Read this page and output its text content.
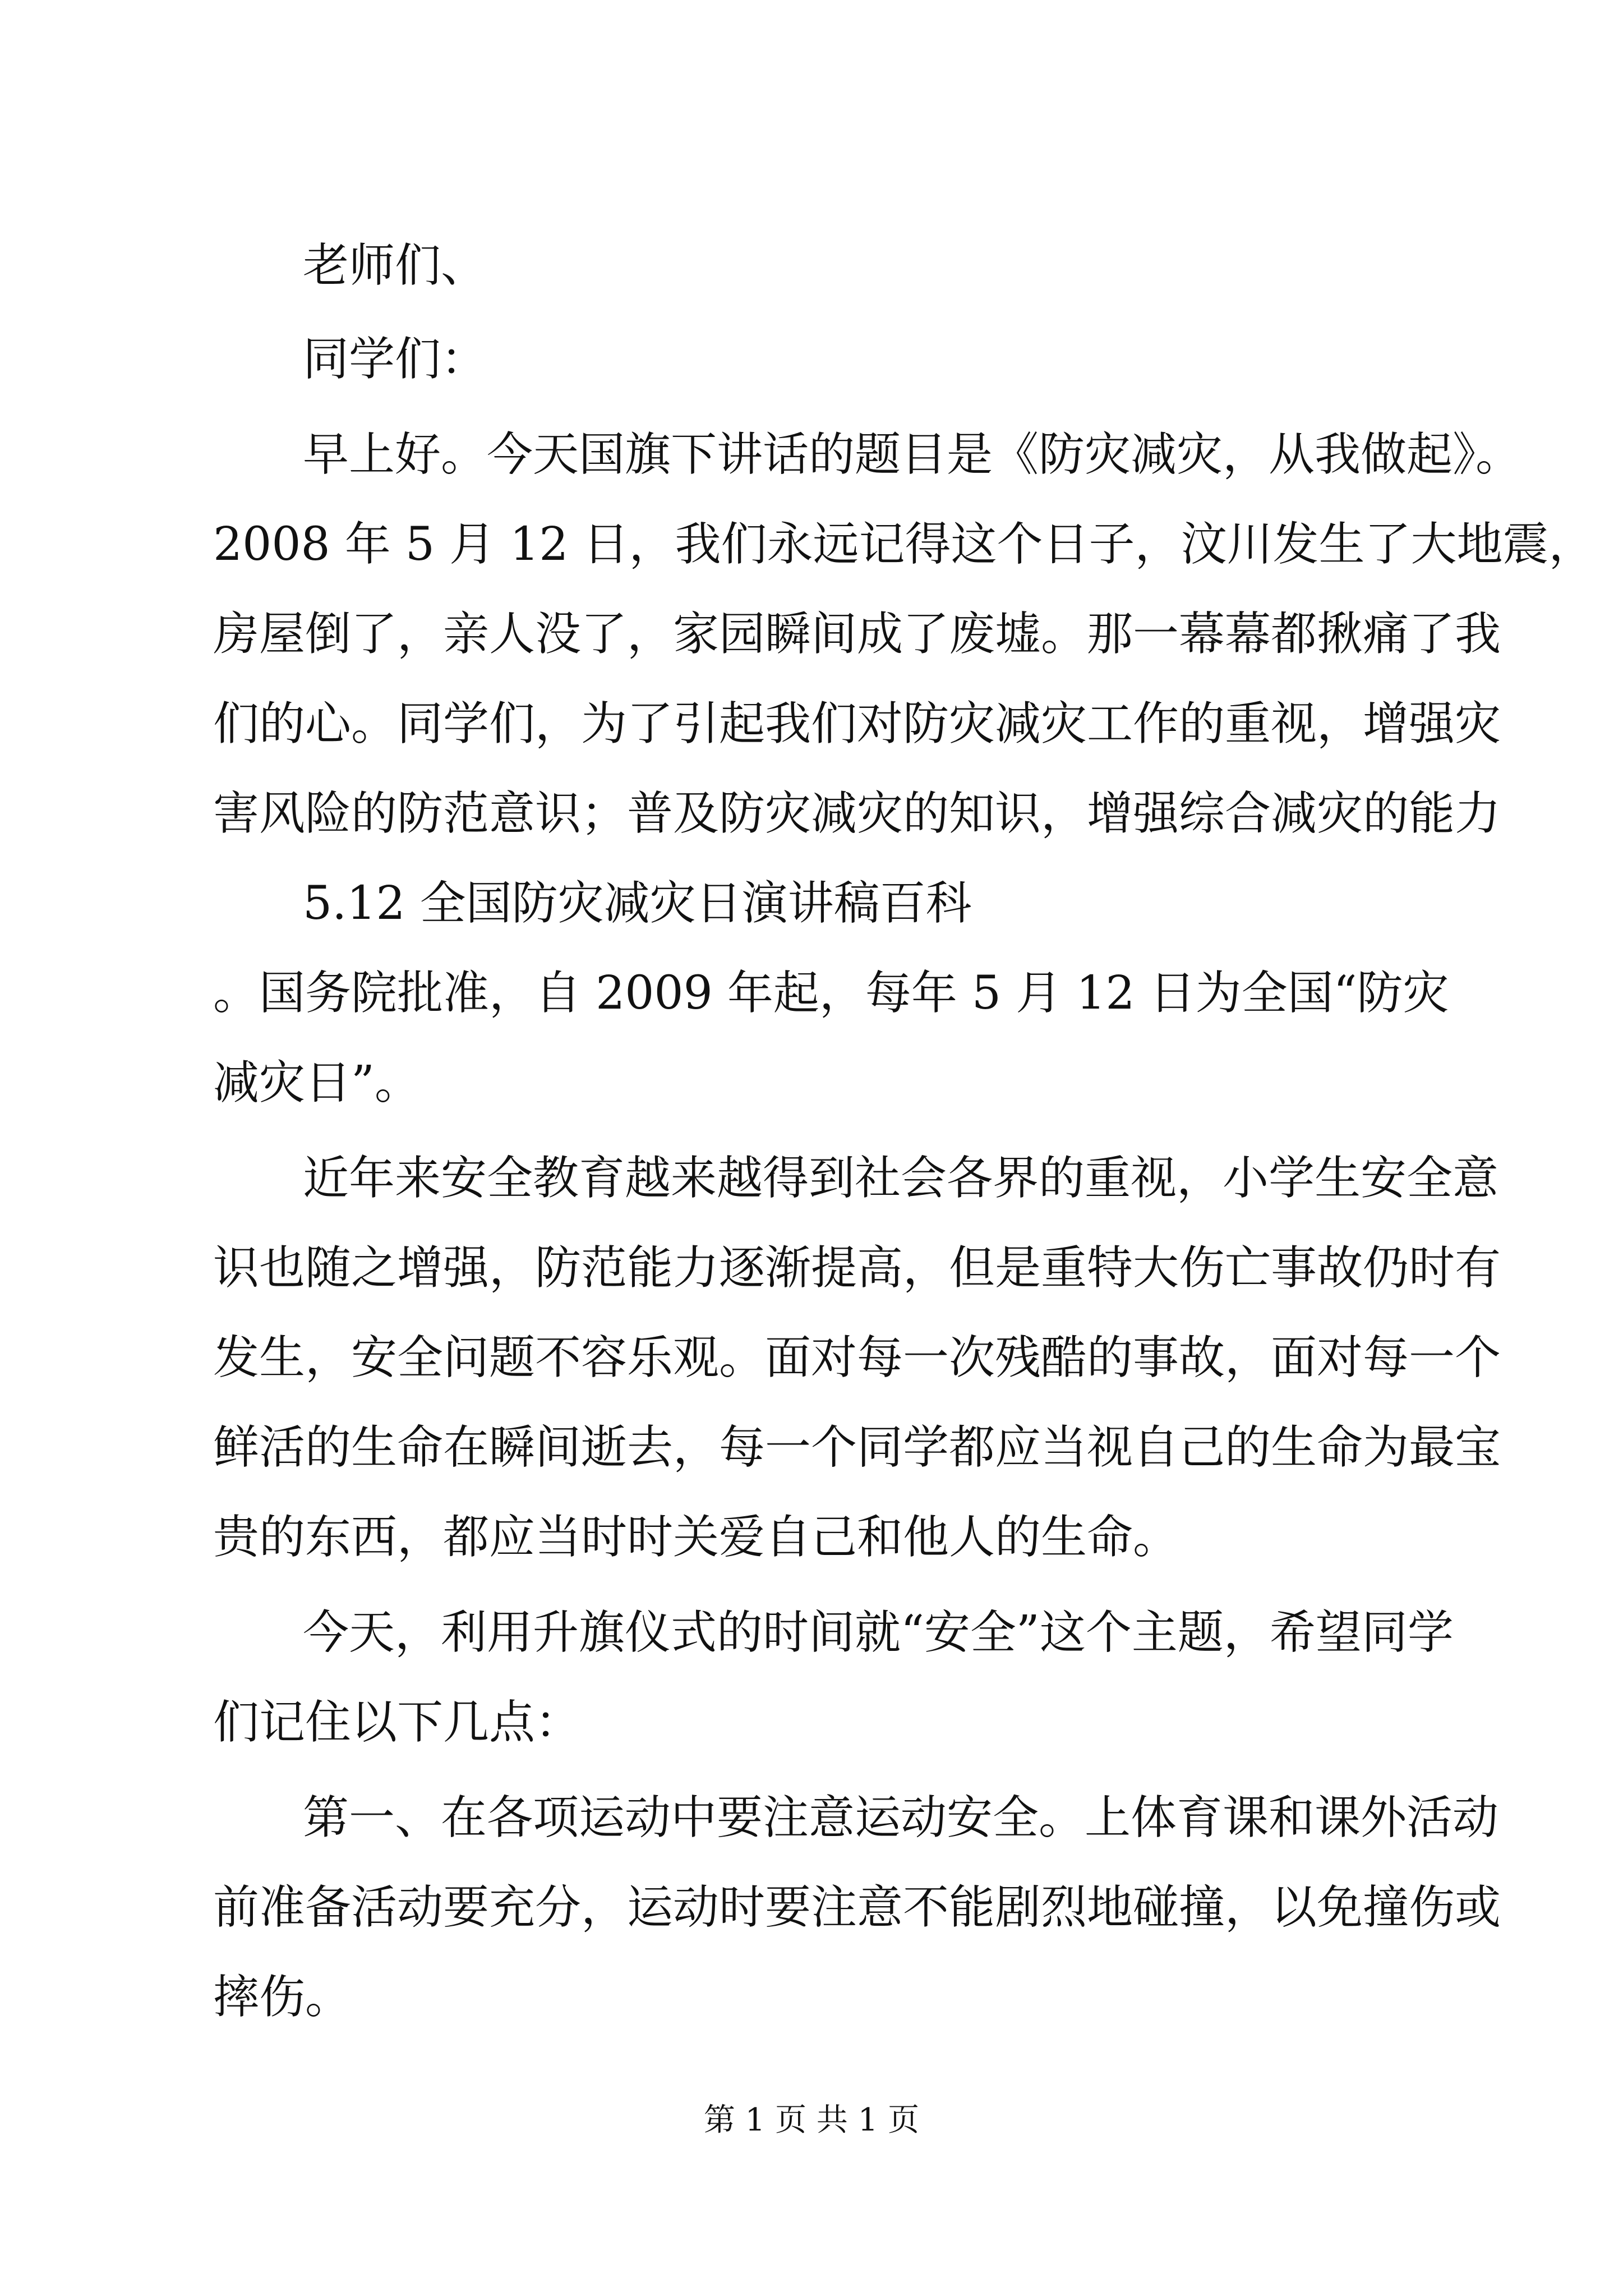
老师们、
同学们：
早上好。今天国旗下讲话的题目是《防灾减灾，从我做起》。
2008 年 5 月 12 日，我们永远记得这个日子，汶川发生了大地震，
房屋倒了，亲人没了，家园瞬间成了废墟。那一幕幕都揪痛了我
们的心。同学们，为了引起我们对防灾减灾工作的重视，增强灾
害风险的防范意识；普及防灾减灾的知识，增强综合减灾的能力
5.12 全国防灾减灾日演讲稿百科
。国务院批准，自 2009 年起，每年 5 月 12 日为全国“防灾
减灾日”。
近年来安全教育越来越得到社会各界的重视，小学生安全意
识也随之增强，防范能力逐渐提高，但是重特大伤亡事故仍时有
发生，安全问题不容乐观。面对每一次残酷的事故，面对每一个
鲜活的生命在瞬间逝去，每一个同学都应当视自己的生命为最宝
贵的东西，都应当时时关爱自己和他人的生命。
今天，利用升旗仪式的时间就“安全”这个主题，希望同学
们记住以下几点：
第一、在各项运动中要注意运动安全。上体育课和课外活动
前准备活动要充分，运动时要注意不能剧烈地碰撞，以免撞伤或
摔伤。
第 1 页 共 1 页
